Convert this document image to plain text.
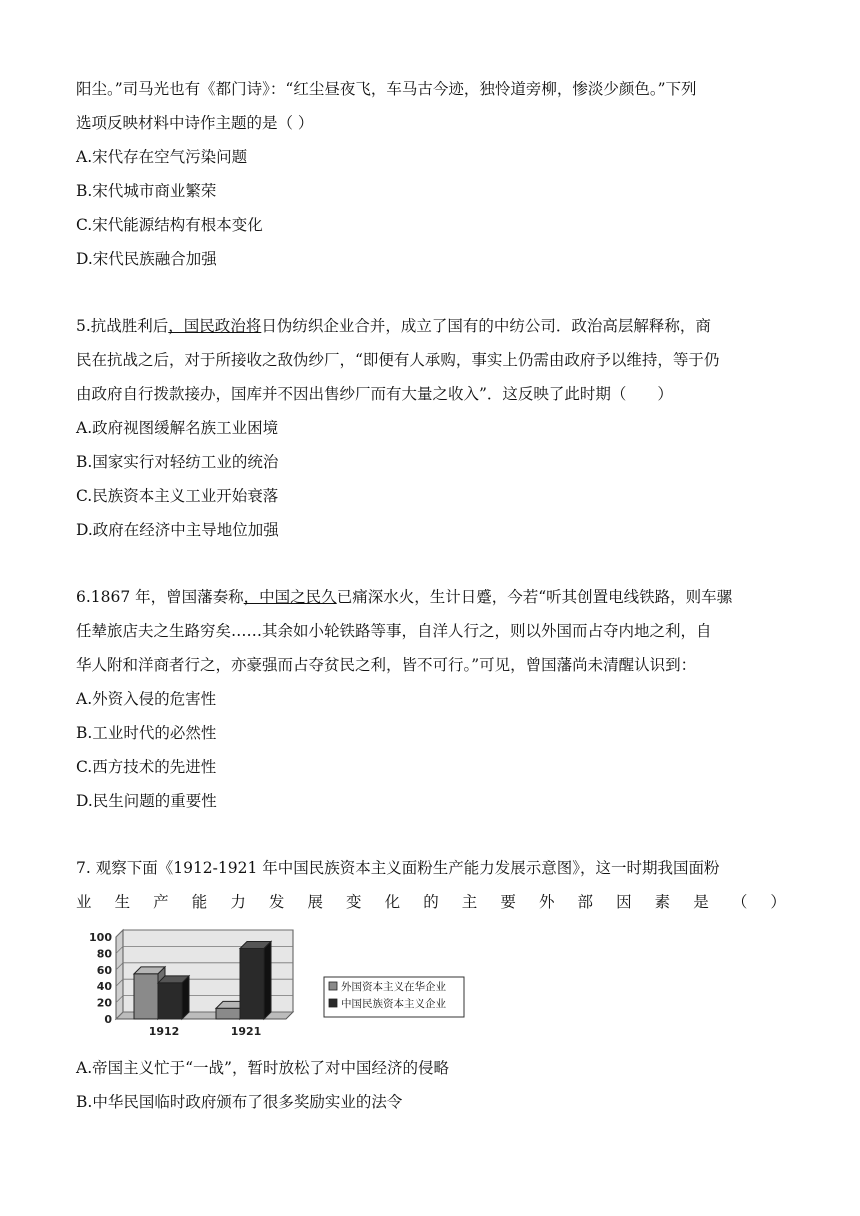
阳尘。”司马光也有《都门诗》：“红尘昼夜飞，车马古今迹，独怜道旁柳，惨淡少颜色。”下列
选项反映材料中诗作主题的是（ ）
A.宋代存在空气污染问题
B.宋代城市商业繁荣
C.宋代能源结构有根本变化
D.宋代民族融合加强
5.抗战胜利后，国民政治将日伪纺织企业合并，成立了国有的中纺公司．政治高层解释称，商
民在抗战之后，对于所接收之敌伪纱厂，“即便有人承购，事实上仍需由政府予以维持，等于仍
由政府自行拨款接办，国库并不因出售纱厂而有大量之收入”．这反映了此时期（　　）
A.政府视图缓解名族工业困境
B.国家实行对轻纺工业的统治
C.民族资本主义工业开始衰落
D.政府在经济中主导地位加强
6.1867 年，曾国藩奏称，中国之民久已痛深水火，生计日蹙，今若“听其创置电线铁路，则车骡
任辇旅店夫之生路穷矣……其余如小轮铁路等事，自洋人行之，则以外国而占夺内地之利，自
华人附和洋商者行之，亦豪强而占夺贫民之利，皆不可行。”可见，曾国藩尚未清醒认识到：
A.外资入侵的危害性
B.工业时代的必然性
C.西方技术的先进性
D.民生问题的重要性
7. 观察下面《1912-1921 年中国民族资本主义面粉生产能力发展示意图》，这一时期我国面粉
业 生 产 能 力 发 展 变 化 的 主 要 外 部 因 素 是 （ ）
100
80
60
40
20
0
1912	1921
外国资本主义在华企业
中国民族资本主义企业
A.帝国主义忙于“一战”，暂时放松了对中国经济的侵略
B.中华民国临时政府颁布了很多奖励实业的法令
